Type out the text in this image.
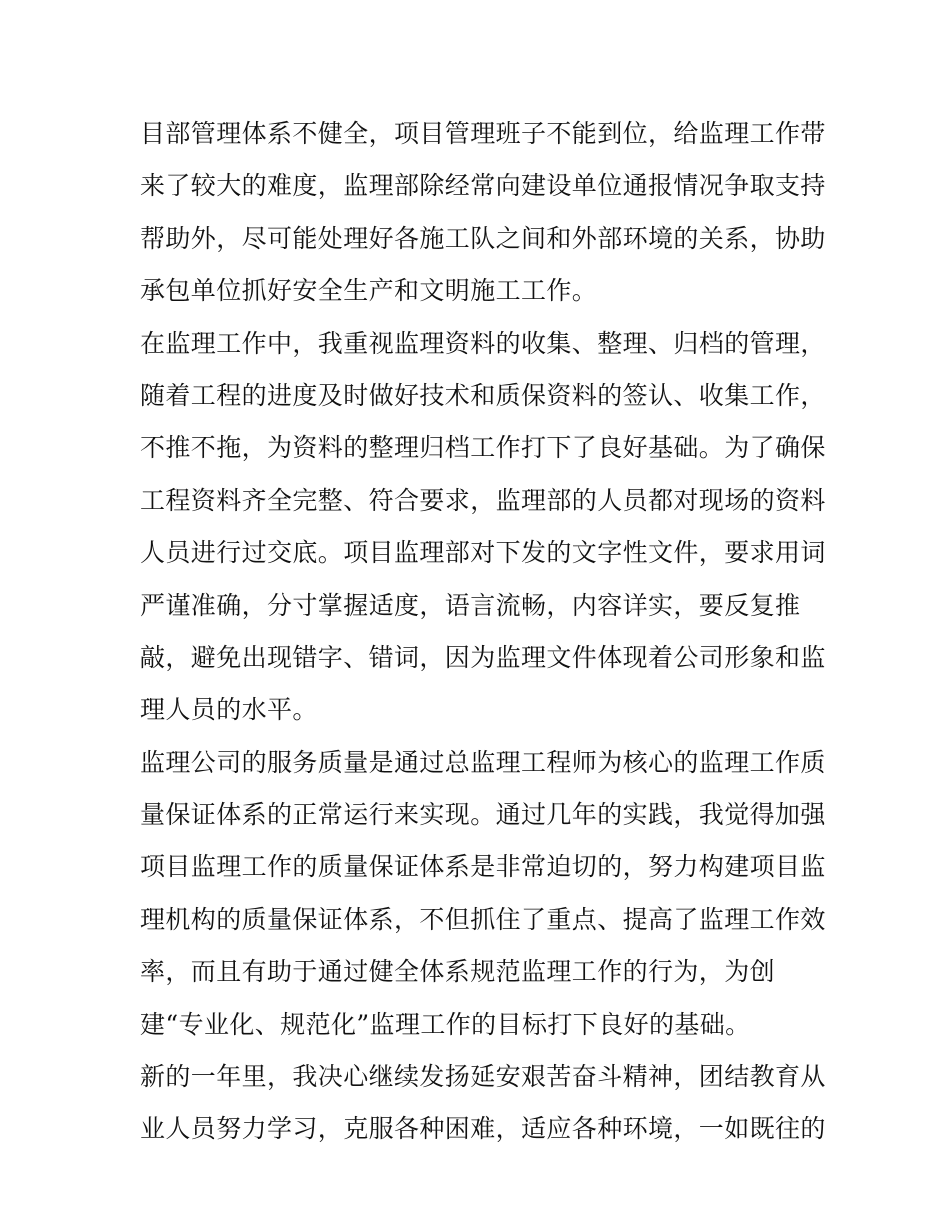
目部管理体系不健全，项目管理班子不能到位，给监理工作带
来了较大的难度，监理部除经常向建设单位通报情况争取支持
帮助外，尽可能处理好各施工队之间和外部环境的关系，协助
承包单位抓好安全生产和文明施工工作。
在监理工作中，我重视监理资料的收集、整理、归档的管理，
随着工程的进度及时做好技术和质保资料的签认、收集工作，
不推不拖，为资料的整理归档工作打下了良好基础。为了确保
工程资料齐全完整、符合要求，监理部的人员都对现场的资料
人员进行过交底。项目监理部对下发的文字性文件，要求用词
严谨准确，分寸掌握适度，语言流畅，内容详实，要反复推
敲，避免出现错字、错词，因为监理文件体现着公司形象和监
理人员的水平。
监理公司的服务质量是通过总监理工程师为核心的监理工作质
量保证体系的正常运行来实现。通过几年的实践，我觉得加强
项目监理工作的质量保证体系是非常迫切的，努力构建项目监
理机构的质量保证体系，不但抓住了重点、提高了监理工作效
率，而且有助于通过健全体系规范监理工作的行为，为创
建“专业化、规范化”监理工作的目标打下良好的基础。
新的一年里，我决心继续发扬延安艰苦奋斗精神，团结教育从
业人员努力学习，克服各种困难，适应各种环境，一如既往的
